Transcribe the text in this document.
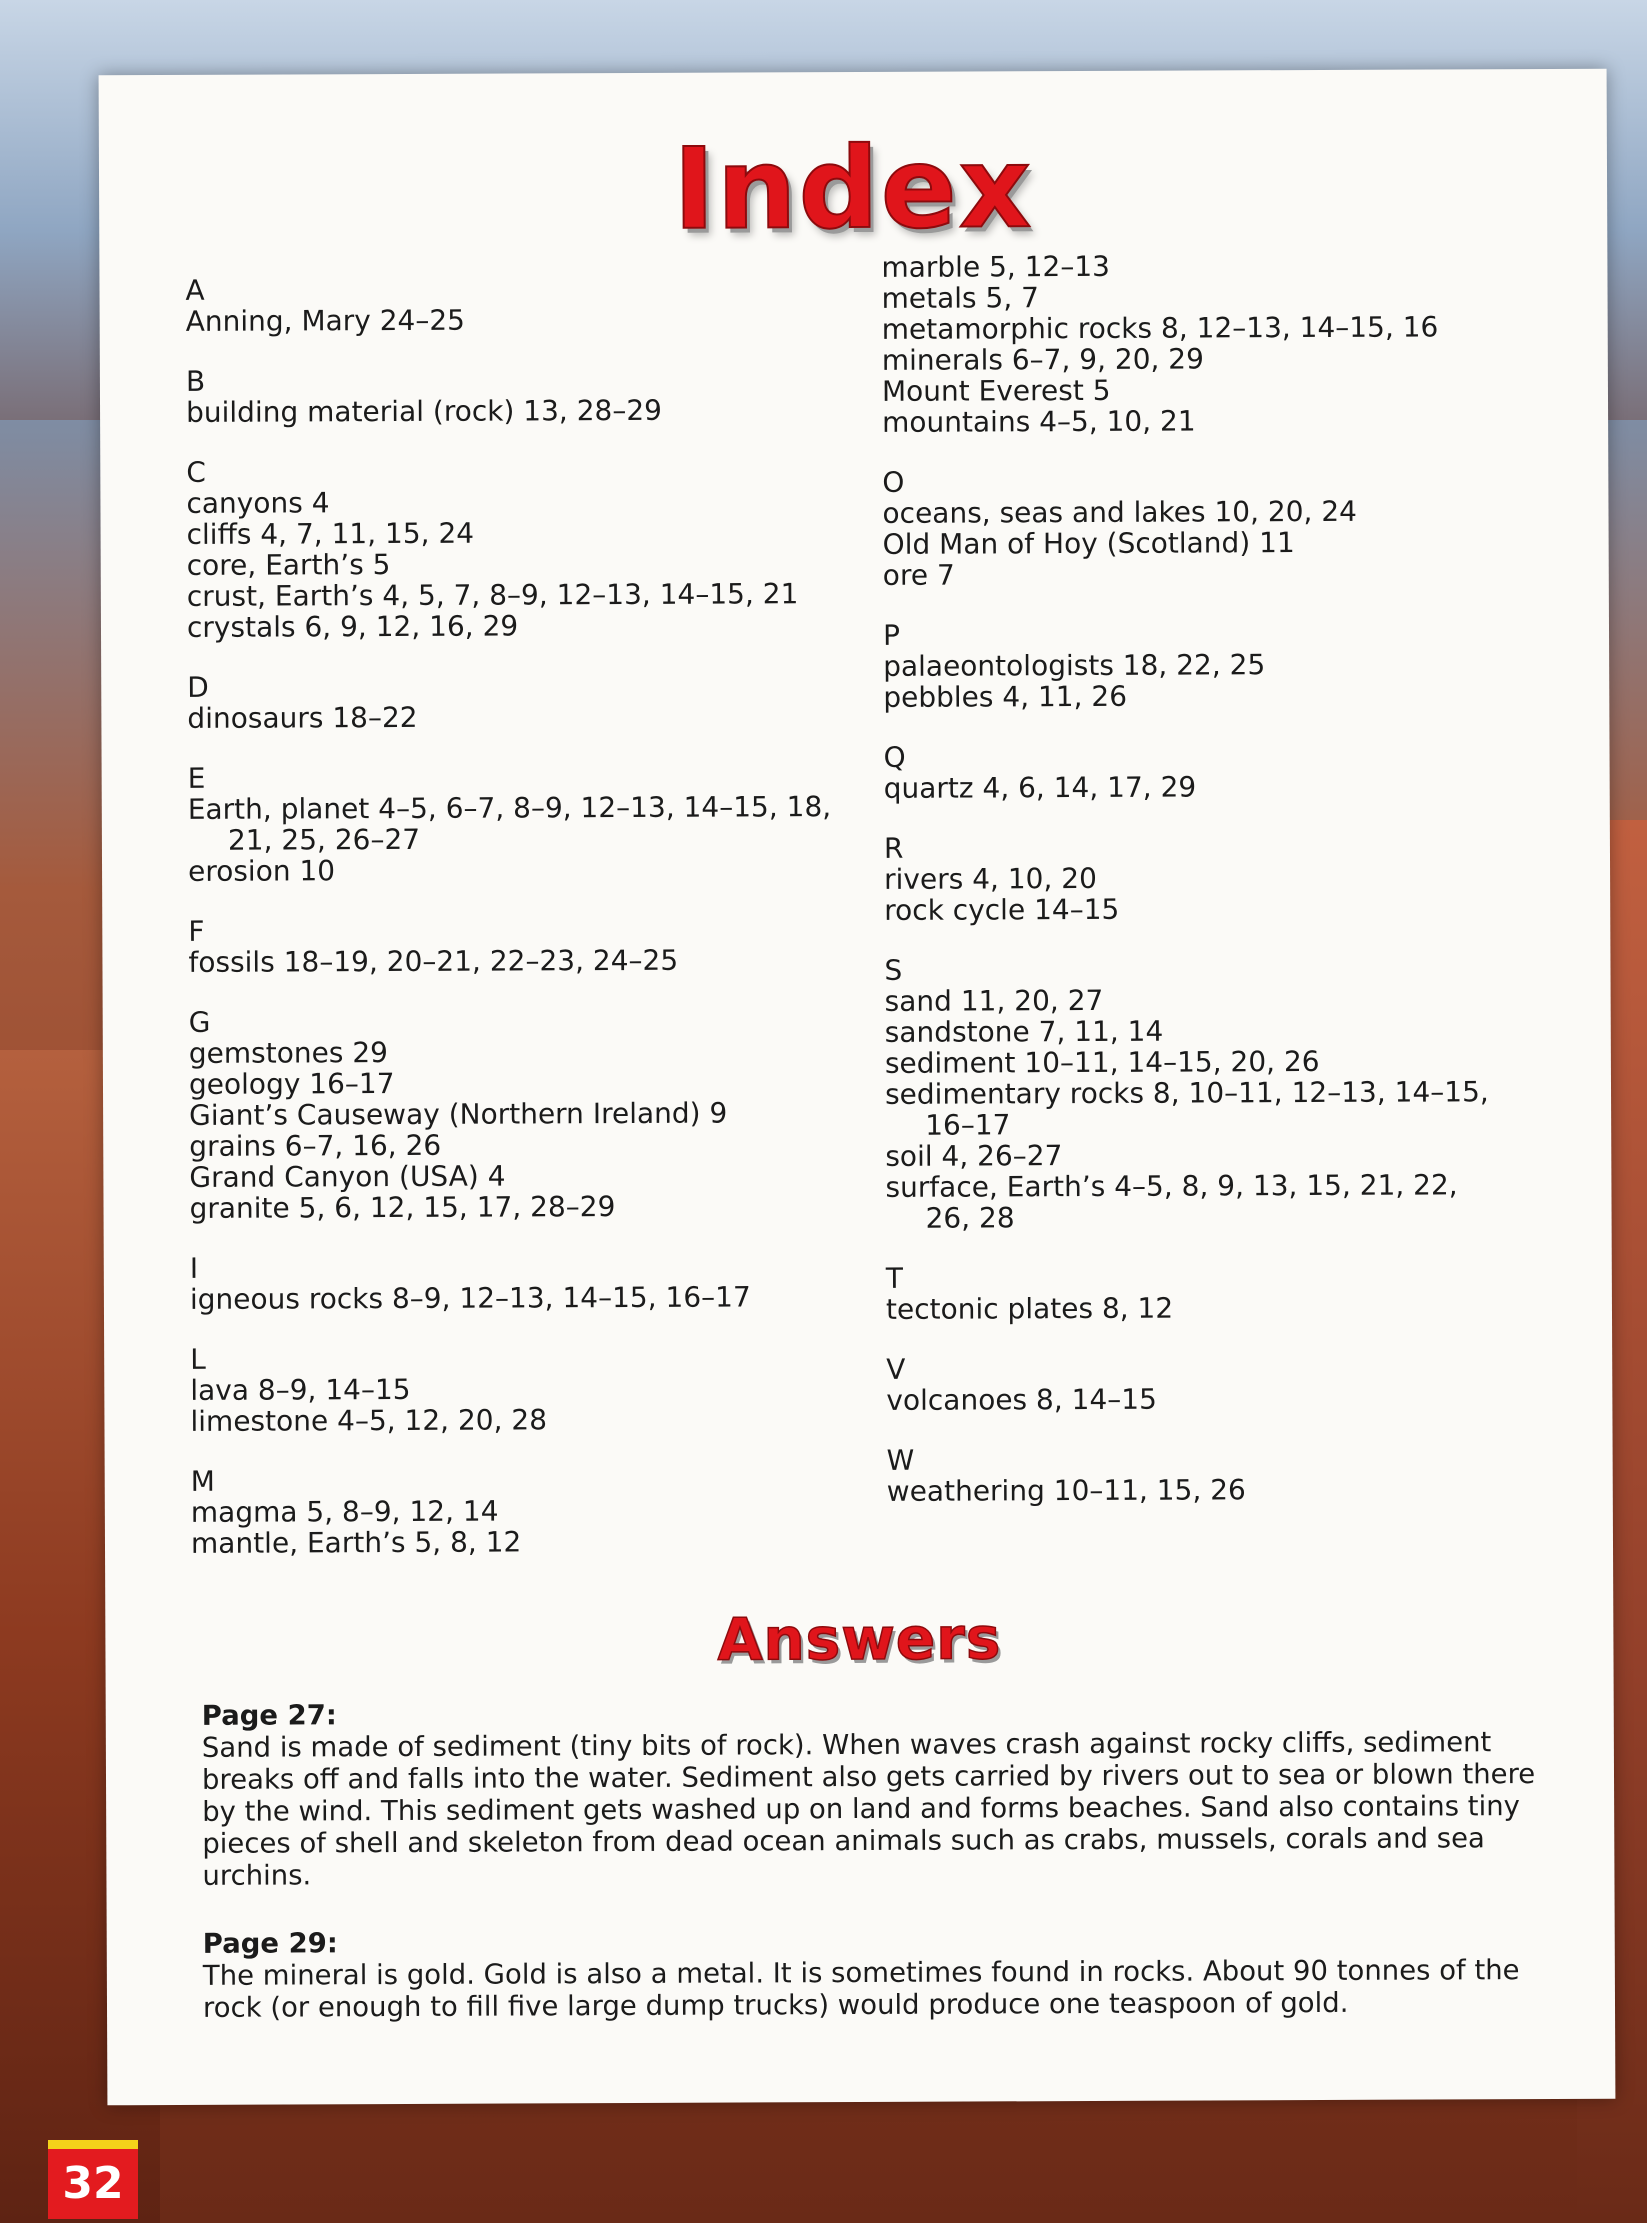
Index
A
Anning, Mary 24–25
B
building material (rock) 13, 28–29
C
canyons 4
cliffs 4, 7, 11, 15, 24
core, Earth’s 5
crust, Earth’s 4, 5, 7, 8–9, 12–13, 14–15, 21
crystals 6, 9, 12, 16, 29
D
dinosaurs 18–22
E
Earth, planet 4–5, 6–7, 8–9, 12–13, 14–15, 18,
21, 25, 26–27
erosion 10
F
fossils 18–19, 20–21, 22–23, 24–25
G
gemstones 29
geology 16–17
Giant’s Causeway (Northern Ireland) 9
grains 6–7, 16, 26
Grand Canyon (USA) 4
granite 5, 6, 12, 15, 17, 28–29
I
igneous rocks 8–9, 12–13, 14–15, 16–17
L
lava 8–9, 14–15
limestone 4–5, 12, 20, 28
M
magma 5, 8–9, 12, 14
mantle, Earth’s 5, 8, 12
marble 5, 12–13
metals 5, 7
metamorphic rocks 8, 12–13, 14–15, 16
minerals 6–7, 9, 20, 29
Mount Everest 5
mountains 4–5, 10, 21
O
oceans, seas and lakes 10, 20, 24
Old Man of Hoy (Scotland) 11
ore 7
P
palaeontologists 18, 22, 25
pebbles 4, 11, 26
Q
quartz 4, 6, 14, 17, 29
R
rivers 4, 10, 20
rock cycle 14–15
S
sand 11, 20, 27
sandstone 7, 11, 14
sediment 10–11, 14–15, 20, 26
sedimentary rocks 8, 10–11, 12–13, 14–15,
16–17
soil 4, 26–27
surface, Earth’s 4–5, 8, 9, 13, 15, 21, 22,
26, 28
T
tectonic plates 8, 12
V
volcanoes 8, 14–15
W
weathering 10–11, 15, 26
Answers
Page 27:
Sand is made of sediment (tiny bits of rock). When waves crash against rocky cliffs, sediment breaks off and falls into the water. Sediment also gets carried by rivers out to sea or blown there by the wind. This sediment gets washed up on land and forms beaches. Sand also contains tiny pieces of shell and skeleton from dead ocean animals such as crabs, mussels, corals and sea urchins.
Page 29:
The mineral is gold. Gold is also a metal. It is sometimes found in rocks. About 90 tonnes of the rock (or enough to fill five large dump trucks) would produce one teaspoon of gold.
32
